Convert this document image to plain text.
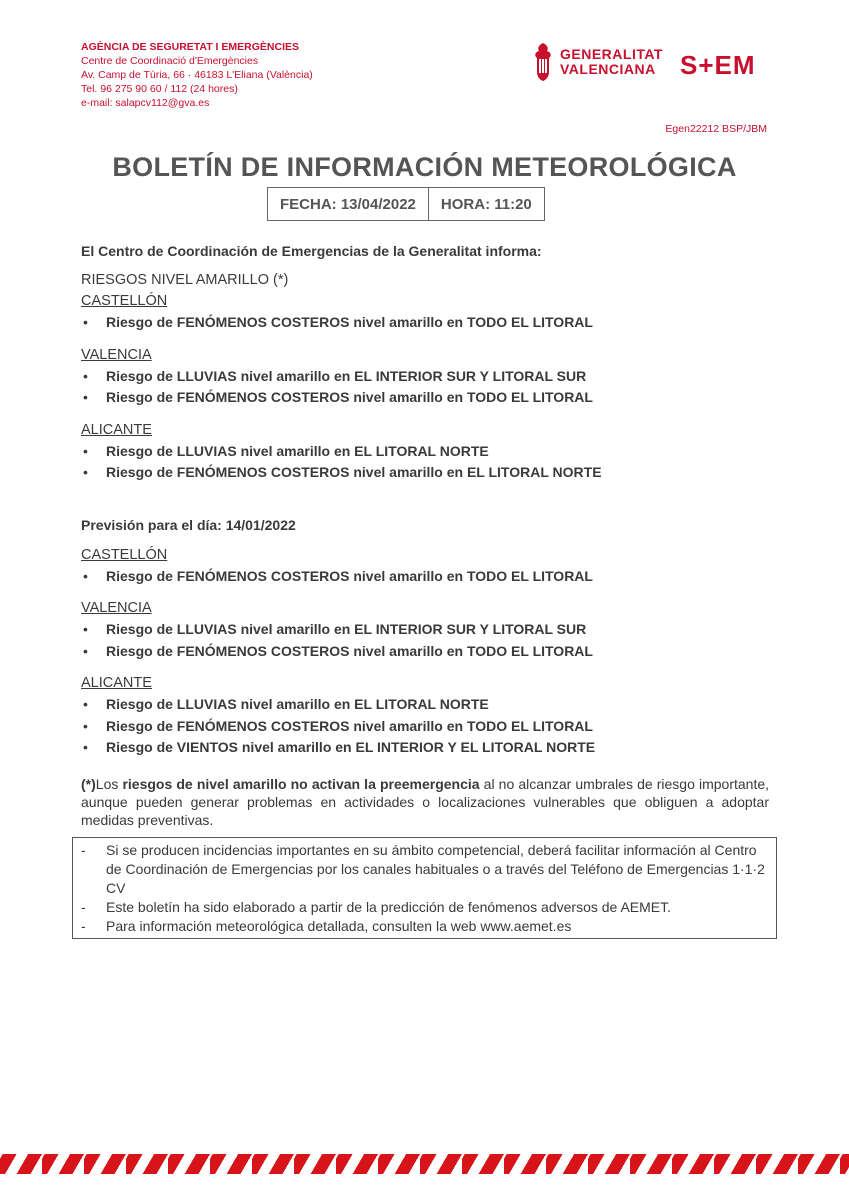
AGÈNCIA DE SEGURETAT I EMERGÈNCIES
Centre de Coordinació d'Emergències
Av. Camp de Túria, 66 · 46183 L'Eliana (València)
Tel. 96 275 90 60 / 112 (24 hores)
e-mail: salapcv112@gva.es
GENERALITAT
VALENCIANA S+EM
Egen22212 BSP/JBM
BOLETÍN DE INFORMACIÓN METEOROLÓGICA
FECHA: 13/04/2022	HORA: 11:20
El Centro de Coordinación de Emergencias de la Generalitat informa:
RIESGOS NIVEL AMARILLO (*)
CASTELLÓN
• Riesgo de FENÓMENOS COSTEROS nivel amarillo en TODO EL LITORAL
VALENCIA
• Riesgo de LLUVIAS nivel amarillo en EL INTERIOR SUR Y LITORAL SUR
• Riesgo de FENÓMENOS COSTEROS nivel amarillo en TODO EL LITORAL
ALICANTE
• Riesgo de LLUVIAS nivel amarillo en EL LITORAL NORTE
• Riesgo de FENÓMENOS COSTEROS nivel amarillo en EL LITORAL NORTE
Previsión para el día: 14/01/2022
CASTELLÓN
• Riesgo de FENÓMENOS COSTEROS nivel amarillo en TODO EL LITORAL
VALENCIA
• Riesgo de LLUVIAS nivel amarillo en EL INTERIOR SUR Y LITORAL SUR
• Riesgo de FENÓMENOS COSTEROS nivel amarillo en TODO EL LITORAL
ALICANTE
• Riesgo de LLUVIAS nivel amarillo en EL LITORAL NORTE
• Riesgo de FENÓMENOS COSTEROS nivel amarillo en TODO EL LITORAL
• Riesgo de VIENTOS nivel amarillo en EL INTERIOR Y EL LITORAL NORTE
(*)Los riesgos de nivel amarillo no activan la preemergencia al no alcanzar umbrales de riesgo importante, aunque pueden generar problemas en actividades o localizaciones vulnerables que obliguen a adoptar medidas preventivas.
- Si se producen incidencias importantes en su ámbito competencial, deberá facilitar información al Centro de Coordinación de Emergencias por los canales habituales o a través del Teléfono de Emergencias 1·1·2 CV
- Este boletín ha sido elaborado a partir de la predicción de fenómenos adversos de AEMET.
- Para información meteorológica detallada, consulten la web www.aemet.es
